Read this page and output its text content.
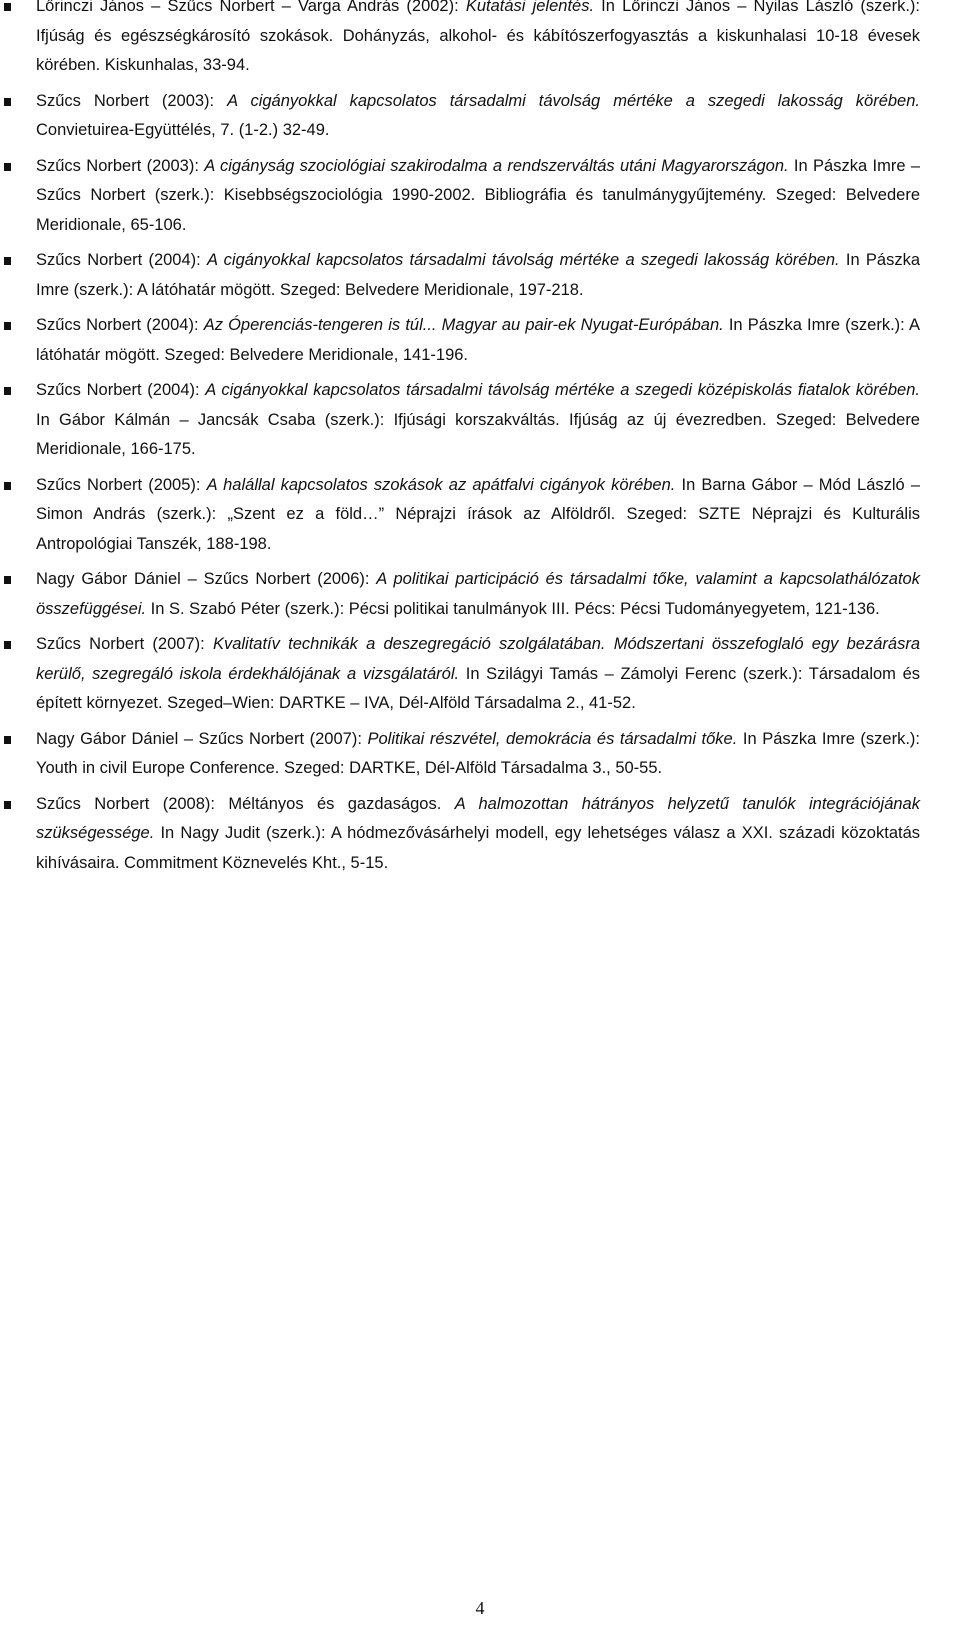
Lőrinczi János – Szűcs Norbert – Varga András (2002): Kutatási jelentés. In Lőrinczi János – Nyilas László (szerk.): Ifjúság és egészségkárosító szokások. Dohányzás, alkohol- és kábítószerfogyasztás a kiskunhalasi 10-18 évesek körében. Kiskunhalas, 33-94.
Szűcs Norbert (2003): A cigányokkal kapcsolatos társadalmi távolság mértéke a szegedi lakosság körében. Convietuirea-Együttélés, 7. (1-2.) 32-49.
Szűcs Norbert (2003): A cigányság szociológiai szakirodalma a rendszerváltás utáni Magyarországon. In Pászka Imre – Szűcs Norbert (szerk.): Kisebbségszociológia 1990-2002. Bibliográfia és tanulmánygyűjtemény. Szeged: Belvedere Meridionale, 65-106.
Szűcs Norbert (2004): A cigányokkal kapcsolatos társadalmi távolság mértéke a szegedi lakosság körében. In Pászka Imre (szerk.): A látóhatár mögött. Szeged: Belvedere Meridionale, 197-218.
Szűcs Norbert (2004): Az Óperenciás-tengeren is túl... Magyar au pair-ek Nyugat-Európában. In Pászka Imre (szerk.): A látóhatár mögött. Szeged: Belvedere Meridionale, 141-196.
Szűcs Norbert (2004): A cigányokkal kapcsolatos társadalmi távolság mértéke a szegedi középiskolás fiatalok körében. In Gábor Kálmán – Jancsák Csaba (szerk.): Ifjúsági korszakváltás. Ifjúság az új évezredben. Szeged: Belvedere Meridionale, 166-175.
Szűcs Norbert (2005): A halállal kapcsolatos szokások az apátfalvi cigányok körében. In Barna Gábor – Mód László – Simon András (szerk.): „Szent ez a föld…” Néprajzi írások az Alföldről. Szeged: SZTE Néprajzi és Kulturális Antropológiai Tanszék, 188-198.
Nagy Gábor Dániel – Szűcs Norbert (2006): A politikai participáció és társadalmi tőke, valamint a kapcsolathálózatok összefüggései. In S. Szabó Péter (szerk.): Pécsi politikai tanulmányok III. Pécs: Pécsi Tudományegyetem, 121-136.
Szűcs Norbert (2007): Kvalitatív technikák a deszegregáció szolgálatában. Módszertani összefoglaló egy bezárásra kerülő, szegregáló iskola érdekhálójának a vizsgálatáról. In Szilágyi Tamás – Zámolyi Ferenc (szerk.): Társadalom és épített környezet. Szeged–Wien: DARTKE – IVA, Dél-Alföld Társadalma 2., 41-52.
Nagy Gábor Dániel – Szűcs Norbert (2007): Politikai részvétel, demokrácia és társadalmi tőke. In Pászka Imre (szerk.): Youth in civil Europe Conference. Szeged: DARTKE, Dél-Alföld Társadalma 3., 50-55.
Szűcs Norbert (2008): Méltányos és gazdaságos. A halmozottan hátrányos helyzetű tanulók integrációjának szükségessége. In Nagy Judit (szerk.): A hódmezővásárhelyi modell, egy lehetséges válasz a XXI. századi közoktatás kihívásaira. Commitment Köznevelés Kht., 5-15.
4
